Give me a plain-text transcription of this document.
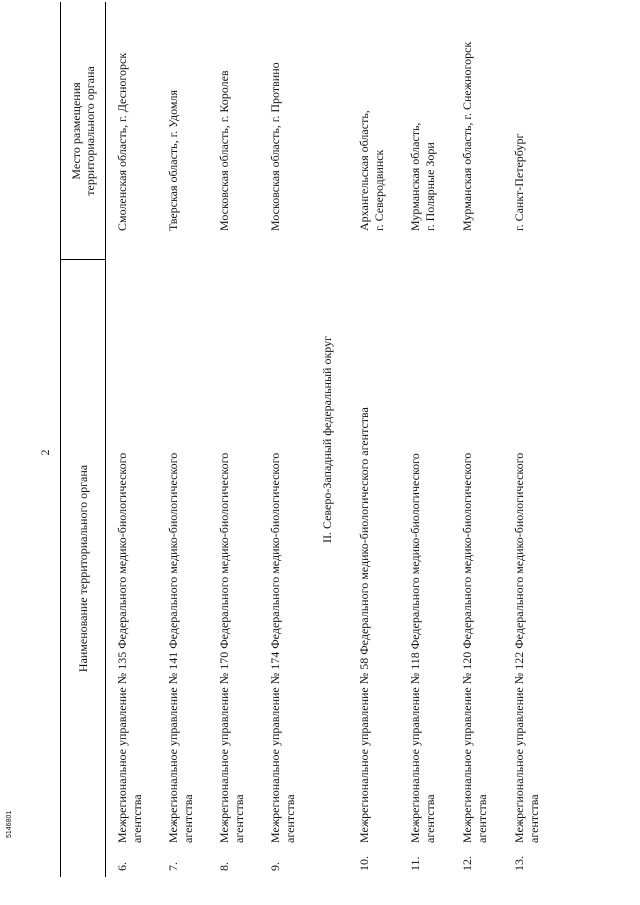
2
Наименование территориального органа
Место размещения территориального органа
6.
Межрегиональное управление № 135 Федерального медико-биологического агентства
Смоленская область, г. Десногорск
7.
Межрегиональное управление № 141 Федерального медико-биологического агентства
Тверская область, г. Удомля
8.
Межрегиональное управление № 170 Федерального медико-биологического агентства
Московская область, г. Королев
9.
Межрегиональное управление № 174 Федерального медико-биологического агентства
Московская область, г. Протвино
II. Северо-Западный федеральный округ
10.
Межрегиональное управление № 58 Федерального медико-биологического агентства
Архангельская область, г. Северодвинск
11.
Межрегиональное управление № 118 Федерального медико-биологического агентства
Мурманская область, г. Полярные Зори
12.
Межрегиональное управление № 120 Федерального медико-биологического агентства
Мурманская область, г. Снежногорск
13.
Межрегиональное управление № 122 Федерального медико-биологического агентства
г. Санкт-Петербург
5146801
